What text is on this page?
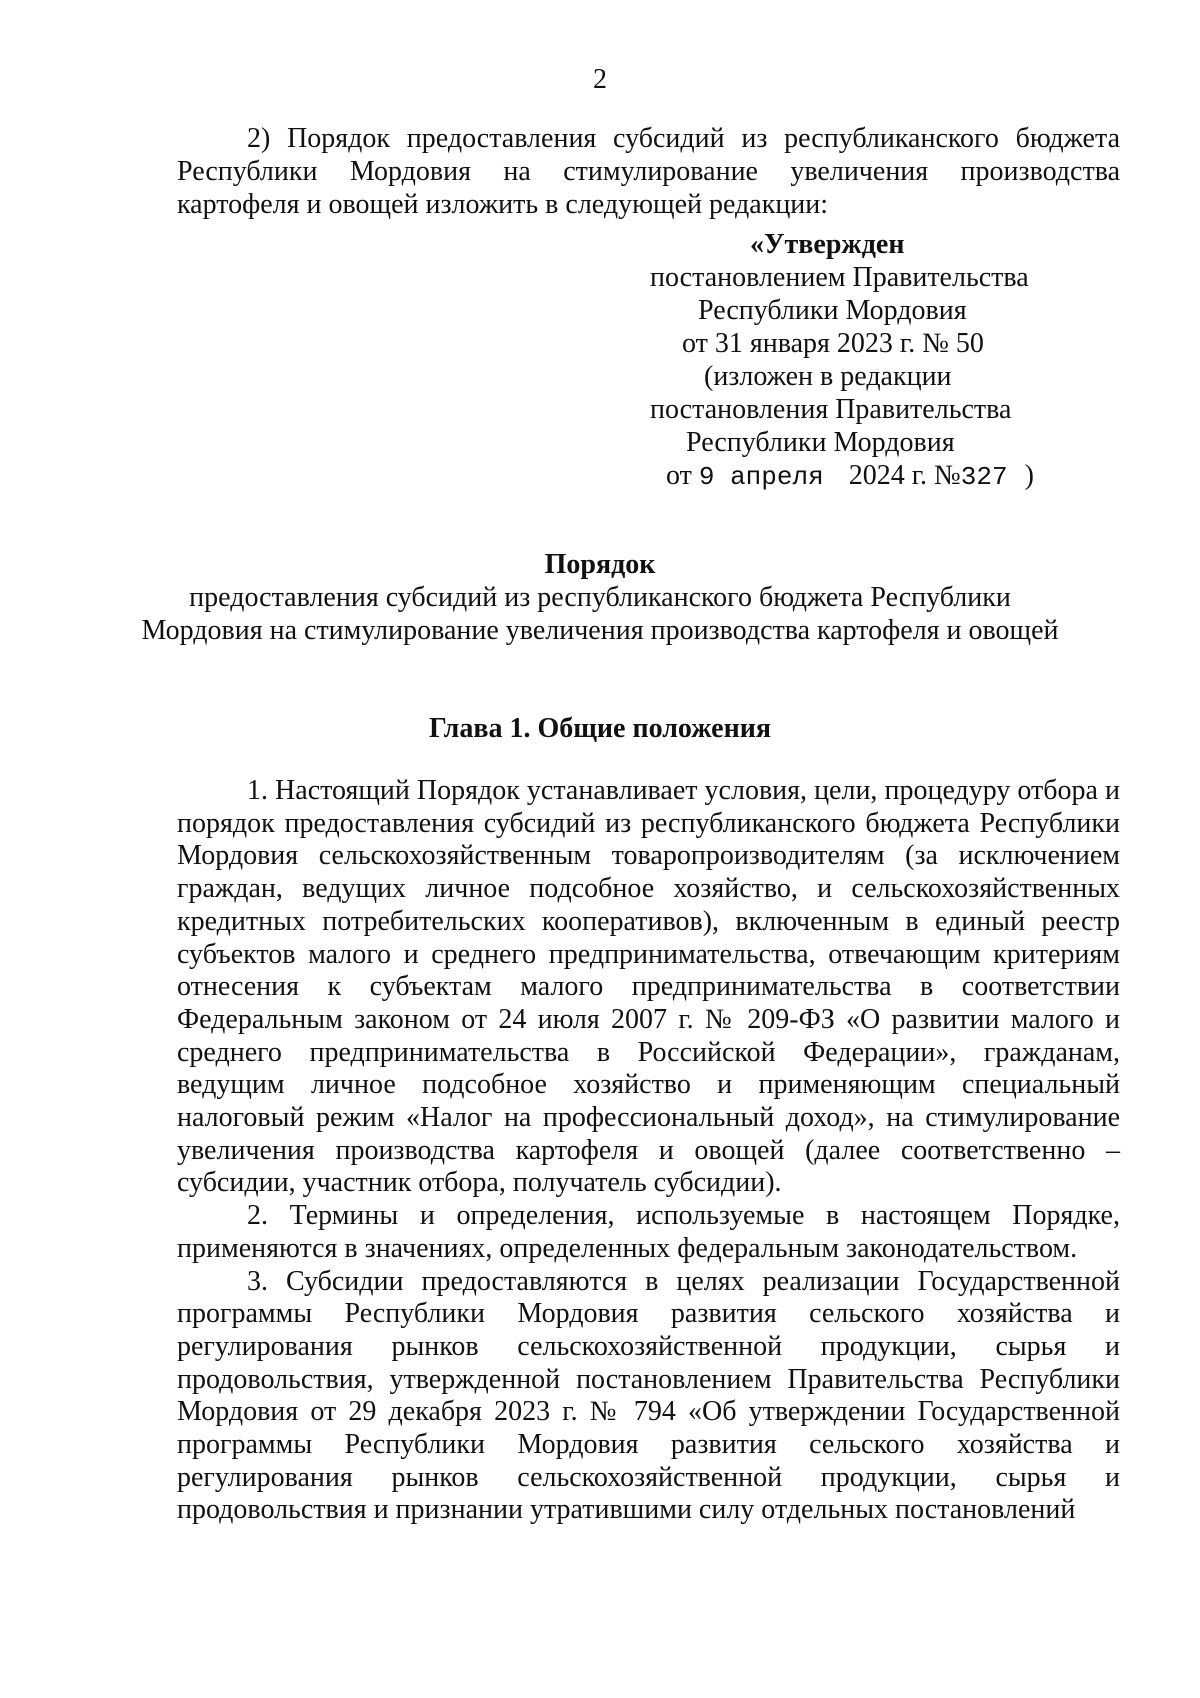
2
2) Порядок предоставления субсидий из республиканского бюджета
Республики Мордовия на стимулирование увеличения производства
картофеля и овощей изложить в следующей редакции:
«Утвержден
постановлением Правительства
Республики Мордовия
от 31 января 2023 г. № 50
(изложен в редакции
постановления Правительства
Республики Мордовия
от 9 апреля 2024 г. №327 )
Порядок
предоставления субсидий из республиканского бюджета Республики
Мордовия на стимулирование увеличения производства картофеля и овощей
Глава 1. Общие положения

1. Настоящий Порядок устанавливает условия, цели, процедуру отбора и порядок предоставления субсидий из республиканского бюджета Республики Мордовия сельскохозяйственным товаропроизводителям (за исключением граждан, ведущих личное подсобное хозяйство, и сельскохозяйственных кредитных потребительских кооперативов), включенным в единый реестр субъектов малого и среднего предпринимательства, отвечающим критериям отнесения к субъектам малого предпринимательства в соответствии Федеральным законом от 24 июля 2007 г. № 209-ФЗ «О развитии малого и среднего предпринимательства в Российской Федерации», гражданам, ведущим личное подсобное хозяйство и применяющим специальный налоговый режим «Налог на профессиональный доход», на стимулирование увеличения производства картофеля и овощей (далее соответственно – субсидии, участник отбора, получатель субсидии).

2. Термины и определения, используемые в настоящем Порядке, применяются в значениях, определенных федеральным законодательством.

3. Субсидии предоставляются в целях реализации Государственной программы Республики Мордовия развития сельского хозяйства и регулирования рынков сельскохозяйственной продукции, сырья и продовольствия, утвержденной постановлением Правительства Республики Мордовия от 29 декабря 2023 г. № 794 «Об утверждении Государственной программы Республики Мордовия развития сельского хозяйства и регулирования рынков сельскохозяйственной продукции, сырья и продовольствия и признании утратившими силу отдельных постановлений
